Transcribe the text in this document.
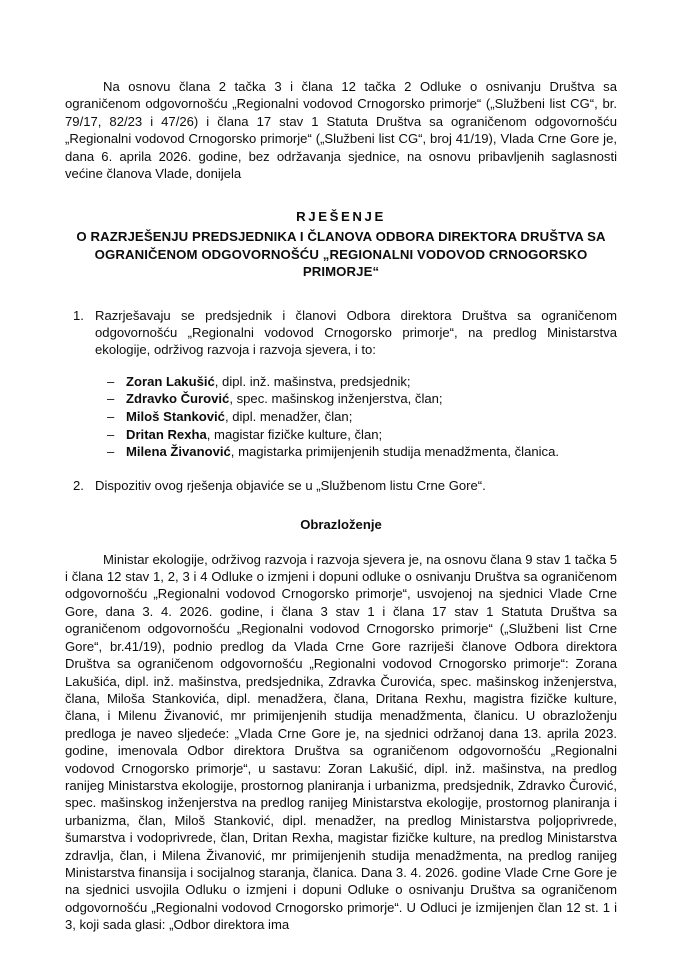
Na osnovu člana 2 tačka 3 i člana 12 tačka 2 Odluke o osnivanju Društva sa ograničenom odgovornošću „Regionalni vodovod Crnogorsko primorje“ („Službeni list CG“, br. 79/17, 82/23 i 47/26) i člana 17 stav 1 Statuta Društva sa ograničenom odgovornošću „Regionalni vodovod Crnogorsko primorje“ („Službeni list CG“, broj 41/19), Vlada Crne Gore je, dana 6. aprila 2026. godine, bez održavanja sjednice, na osnovu pribavljenih saglasnosti većine članova Vlade, donijela

RJEŠENJE
O RAZRJEŠENJU PREDSJEDNIKA I ČLANOVA ODBORA DIREKTORA DRUŠTVA SA OGRANIČENOM ODGOVORNOŠĆU „REGIONALNI VODOVOD CRNOGORSKO PRIMORJE“
1. Razrješavaju se predsjednik i članovi Odbora direktora Društva sa ograničenom odgovornošću „Regionalni vodovod Crnogorsko primorje“, na predlog Ministarstva ekologije, održivog razvoja i razvoja sjevera, i to:
– Zoran Lakušić, dipl. inž. mašinstva, predsjednik;
– Zdravko Čurović, spec. mašinskog inženjerstva, član;
– Miloš Stanković, dipl. menadžer, član;
– Dritan Rexha, magistar fizičke kulture, član;
– Milena Živanović, magistarka primijenjenih studija menadžmenta, članica.
2. Dispozitiv ovog rješenja objaviće se u „Službenom listu Crne Gore“.
Obrazloženje

Ministar ekologije, održivog razvoja i razvoja sjevera je, na osnovu člana 9 stav 1 tačka 5 i člana 12 stav 1, 2, 3 i 4 Odluke o izmjeni i dopuni odluke o osnivanju Društva sa ograničenom odgovornošću „Regionalni vodovod Crnogorsko primorje“, usvojenoj na sjednici Vlade Crne Gore, dana 3. 4. 2026. godine, i člana 3 stav 1 i člana 17 stav 1 Statuta Društva sa ograničenom odgovornošću „Regionalni vodovod Crnogorsko primorje“ („Službeni list Crne Gore“, br.41/19), podnio predlog da Vlada Crne Gore razriješi članove Odbora direktora Društva sa ograničenom odgovornošću „Regionalni vodovod Crnogorsko primorje“: Zorana Lakušića, dipl. inž. mašinstva, predsjednika, Zdravka Čurovića, spec. mašinskog inženjerstva, člana, Miloša Stankovića, dipl. menadžera, člana, Dritana Rexhu, magistra fizičke kulture, člana, i Milenu Živanović, mr primijenjenih studija menadžmenta, članicu. U obrazloženju predloga je naveo sljedeće: „Vlada Crne Gore je, na sjednici održanoj dana 13. aprila 2023. godine, imenovala Odbor direktora Društva sa ograničenom odgovornošću „Regionalni vodovod Crnogorsko primorje“, u sastavu: Zoran Lakušić, dipl. inž. mašinstva, na predlog ranijeg Ministarstva ekologije, prostornog planiranja i urbanizma, predsjednik, Zdravko Čurović, spec. mašinskog inženjerstva na predlog ranijeg Ministarstva ekologije, prostornog planiranja i urbanizma, član, Miloš Stanković, dipl. menadžer, na predlog Ministarstva poljoprivrede, šumarstva i vodoprivrede, član, Dritan Rexha, magistar fizičke kulture, na predlog Ministarstva zdravlja, član, i Milena Živanović, mr primijenjenih studija menadžmenta, na predlog ranijeg Ministarstva finansija i socijalnog staranja, članica. Dana 3. 4. 2026. godine Vlade Crne Gore je na sjednici usvojila Odluku o izmjeni i dopuni Odluke o osnivanju Društva sa ograničenom odgovornošću „Regionalni vodovod Crnogorsko primorje“. U Odluci je izmijenjen član 12 st. 1 i 3, koji sada glasi: „Odbor direktora ima
